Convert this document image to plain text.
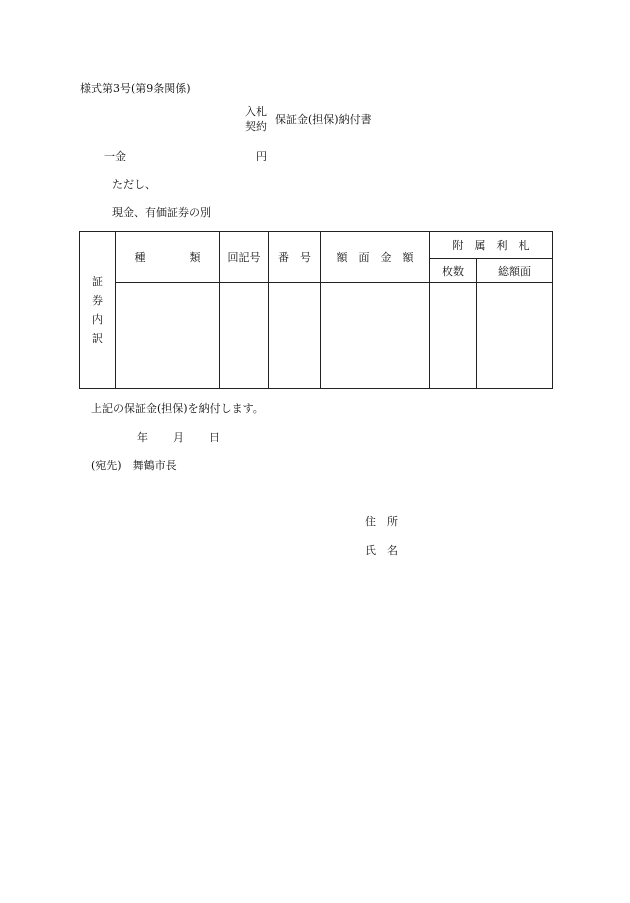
様式第3号(第9条関係)
入札
契約
保証金(担保)納付書
一金	円
ただし、
現金、有価証券の別
証
券
内
訳	種　　　　類	回記号	番　号	額　面　金　額	附　属　利　札	
					枚数	総額面

上記の保証金(担保)を納付します。
年 月 日
(宛先)　舞鶴市長
住　所
氏　名
